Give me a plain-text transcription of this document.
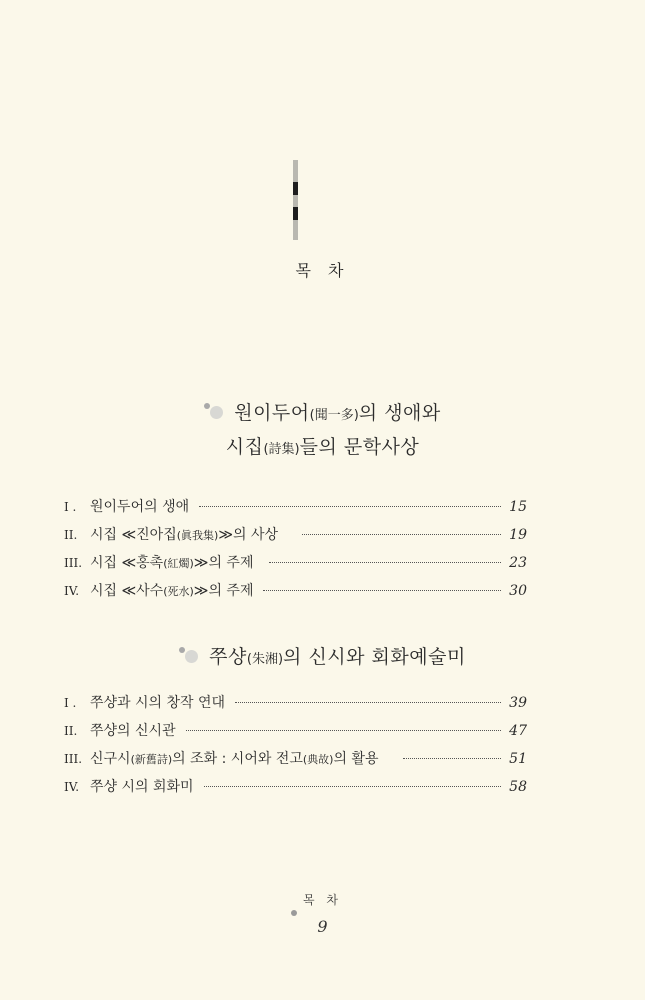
목 차
원이두어(聞一多)의 생애와
시집(詩集)들의 문학사상
I . 원이두어의 생애	15
II. 시집 ≪진아집(眞我集)≫의 사상	19
III. 시집 ≪홍촉(紅燭)≫의 주제	23
IV. 시집 ≪사수(死水)≫의 주제	30
쭈샹(朱湘)의 신시와 회화예술미
I . 쭈샹과 시의 창작 연대	39
II. 쭈샹의 신시관	47
III. 신구시(新舊詩)의 조화 : 시어와 전고(典故)의 활용	51
IV. 쭈샹 시의 회화미	58
목 차
9
